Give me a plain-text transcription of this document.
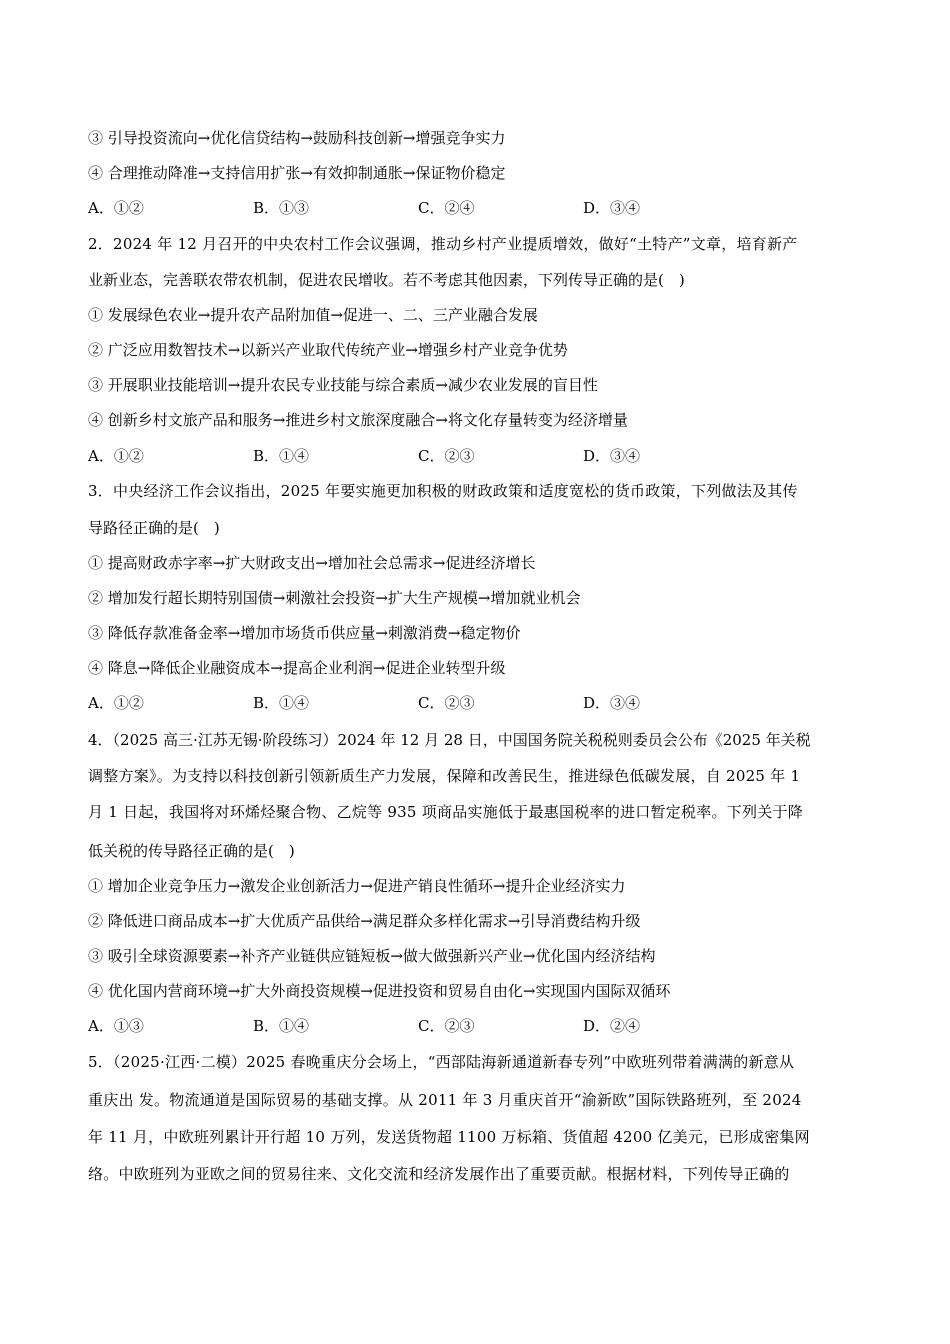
③ 引导投资流向→优化信贷结构→鼓励科技创新→增强竞争实力
④ 合理推动降准→支持信用扩张→有效抑制通胀→保证物价稳定
A．①②	B．①③	C．②④	D．③④
2．2024 年 12 月召开的中央农村工作会议强调，推动乡村产业提质增效，做好“土特产”文章，培育新产
业新业态，完善联农带农机制，促进农民增收。若不考虑其他因素，下列传导正确的是(　)
① 发展绿色农业→提升农产品附加值→促进一、二、三产业融合发展
② 广泛应用数智技术→以新兴产业取代传统产业→增强乡村产业竞争优势
③ 开展职业技能培训→提升农民专业技能与综合素质→减少农业发展的盲目性
④ 创新乡村文旅产品和服务→推进乡村文旅深度融合→将文化存量转变为经济增量
A．①②	B．①④	C．②③	D．③④
3．中央经济工作会议指出，2025 年要实施更加积极的财政政策和适度宽松的货币政策，下列做法及其传
导路径正确的是(　)
① 提高财政赤字率→扩大财政支出→增加社会总需求→促进经济增长
② 增加发行超长期特别国债→刺激社会投资→扩大生产规模→增加就业机会
③ 降低存款准备金率→增加市场货币供应量→刺激消费→稳定物价
④ 降息→降低企业融资成本→提高企业利润→促进企业转型升级
A．①②	B．①④	C．②③	D．③④
4．（2025 高三·江苏无锡·阶段练习）2024 年 12 月 28 日，中国国务院关税税则委员会公布《2025 年关税
调整方案》。为支持以科技创新引领新质生产力发展，保障和改善民生，推进绿色低碳发展，自 2025 年 1
月 1 日起，我国将对环烯烃聚合物、乙烷等 935 项商品实施低于最惠国税率的进口暂定税率。下列关于降
低关税的传导路径正确的是(　)
① 增加企业竞争压力→激发企业创新活力→促进产销良性循环→提升企业经济实力
② 降低进口商品成本→扩大优质产品供给→满足群众多样化需求→引导消费结构升级
③ 吸引全球资源要素→补齐产业链供应链短板→做大做强新兴产业→优化国内经济结构
④ 优化国内营商环境→扩大外商投资规模→促进投资和贸易自由化→实现国内国际双循环
A．①③	B．①④	C．②③	D．②④
5．（2025·江西·二模）2025 春晚重庆分会场上，“西部陆海新通道新春专列”中欧班列带着满满的新意从
重庆出 发。物流通道是国际贸易的基础支撑。从 2011 年 3 月重庆首开“渝新欧”国际铁路班列，至 2024
年 11 月，中欧班列累计开行超 10 万列，发送货物超 1100 万标箱、货值超 4200 亿美元，已形成密集网
络。中欧班列为亚欧之间的贸易往来、文化交流和经济发展作出了重要贡献。根据材料，下列传导正确的
